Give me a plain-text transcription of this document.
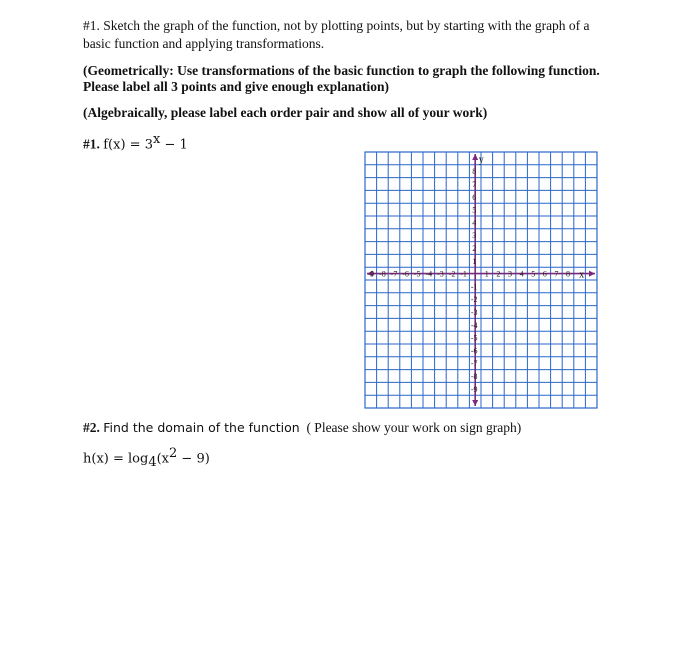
#1. Sketch the graph of the function, not by plotting points, but by starting with the graph of a
basic function and applying transformations.
(Geometrically: Use transformations of the basic function to graph the following function.
Please label all 3 points and give enough explanation)
(Algebraically, please label each order pair and show all of your work)
#1. $f(x) = 3^x - 1$
-9 -8 -7 -6 -5 -4 -3 -2 -1 1 2 3 4 5 6 7 8
8
7
6
5
4
3
2
1
-1
-2
-3
-4
-5
-6
-7
-8
-9
x
y
#2. Find the domain of the function ( Please show your work on sign graph)
$h(x) = \log_4(x^2 - 9)$
